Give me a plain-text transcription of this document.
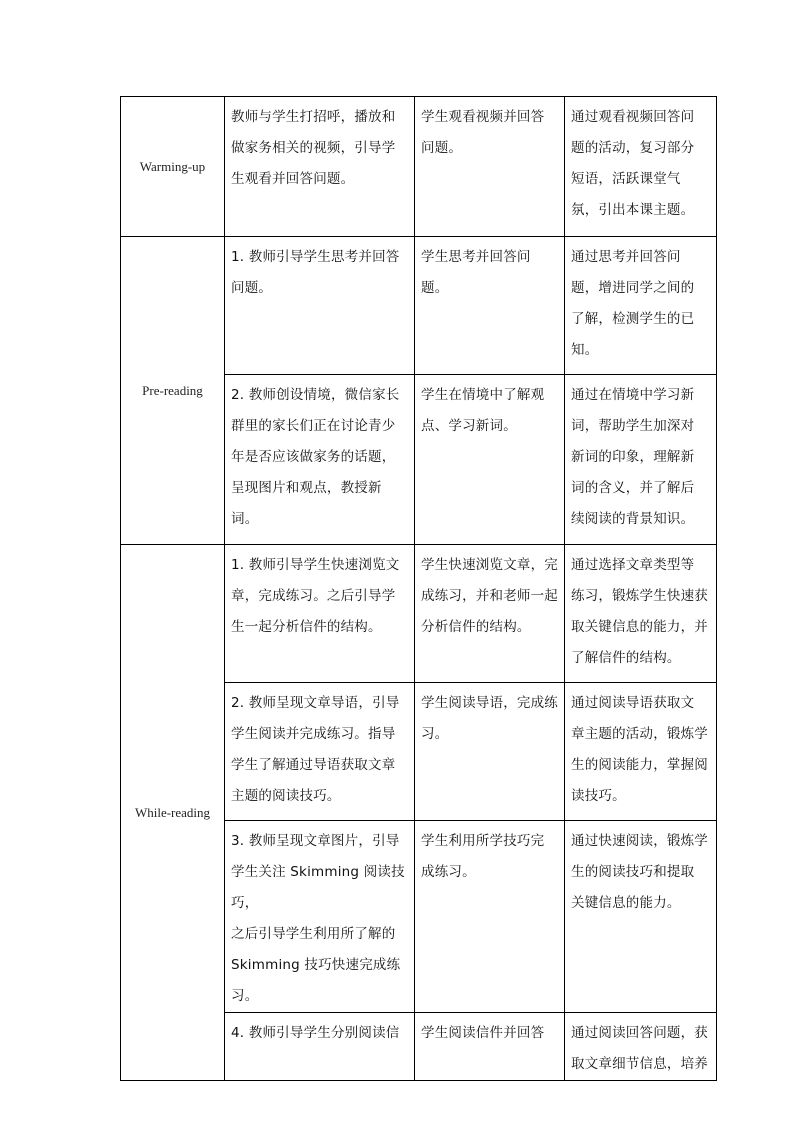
Warming-up	教师与学生打招呼，播放和
做家务相关的视频，引导学
生观看并回答问题。	学生观看视频并回答
问题。	通过观看视频回答问
题的活动，复习部分
短语，活跃课堂气
氛，引出本课主题。

Pre-reading	1. 教师引导学生思考并回答
问题。	学生思考并回答问
题。	通过思考并回答问
题，增进同学之间的
了解，检测学生的已
知。

	2. 教师创设情境，微信家长
群里的家长们正在讨论青少
年是否应该做家务的话题，
呈现图片和观点，教授新
词。	学生在情境中了解观
点、学习新词。	通过在情境中学习新
词，帮助学生加深对
新词的印象，理解新
词的含义，并了解后
续阅读的背景知识。

While-reading	1. 教师引导学生快速浏览文
章，完成练习。之后引导学
生一起分析信件的结构。	学生快速浏览文章，完
成练习，并和老师一起
分析信件的结构。	通过选择文章类型等
练习，锻炼学生快速获
取关键信息的能力，并
了解信件的结构。

	2. 教师呈现文章导语，引导
学生阅读并完成练习。指导
学生了解通过导语获取文章
主题的阅读技巧。	学生阅读导语，完成练
习。	通过阅读导语获取文
章主题的活动，锻炼学
生的阅读能力，掌握阅
读技巧。

	3. 教师呈现文章图片，引导
学生关注 Skimming 阅读技巧，
之后引导学生利用所了解的
Skimming 技巧快速完成练习。	学生利用所学技巧完
成练习。	通过快速阅读，锻炼学
生的阅读技巧和提取
关键信息的能力。

	4. 教师引导学生分别阅读信	学生阅读信件并回答	通过阅读回答问题，获
取文章细节信息，培养
